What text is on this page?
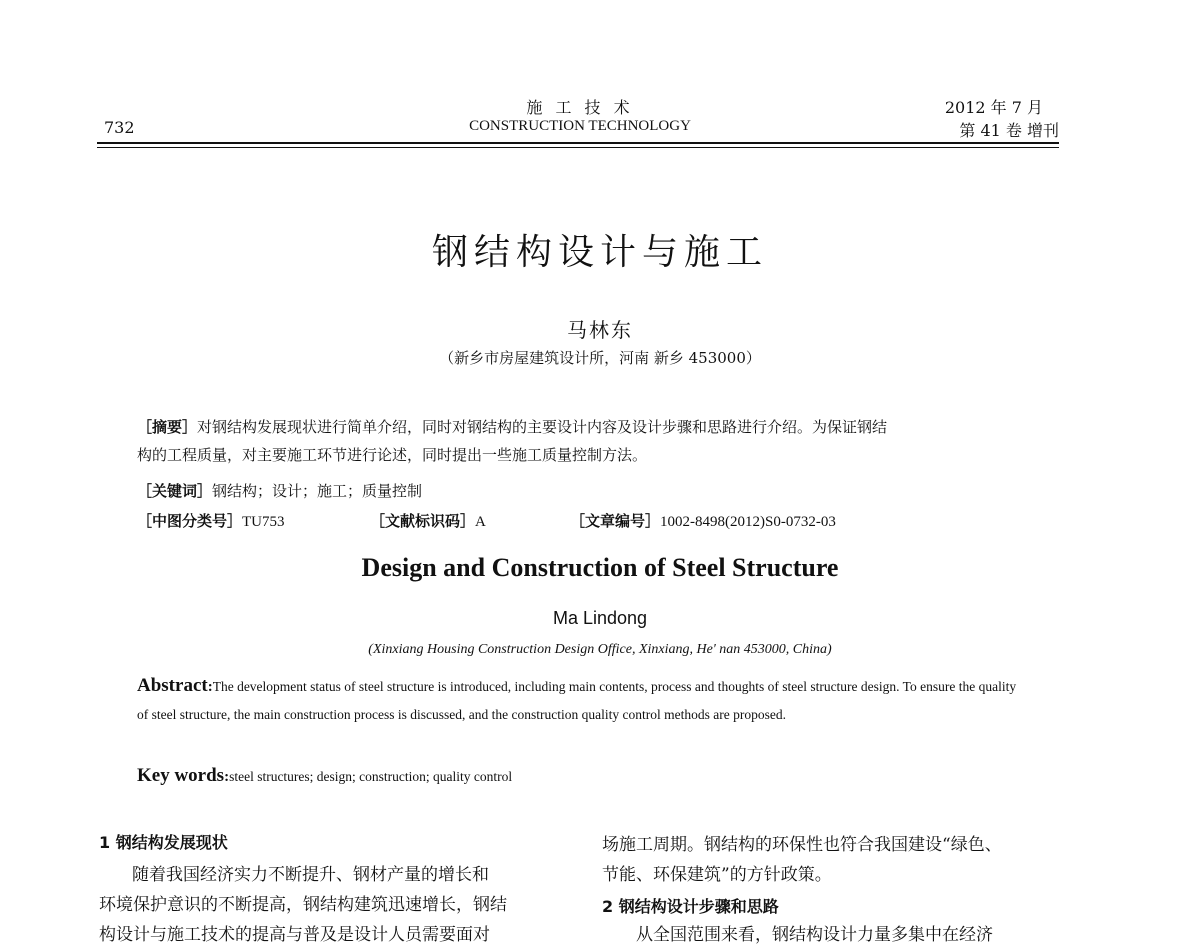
732
施 工 技 术
CONSTRUCTION TECHNOLOGY
2012 年 7 月
第 41 卷 增刊
钢结构设计与施工
马林东
（新乡市房屋建筑设计所，河南 新乡 453000）
［摘要］对钢结构发展现状进行简单介绍，同时对钢结构的主要设计内容及设计步骤和思路进行介绍。为保证钢结
构的工程质量，对主要施工环节进行论述，同时提出一些施工质量控制方法。
［关键词］钢结构；设计；施工；质量控制
［中图分类号］TU753	［文献标识码］A	［文章编号］1002-8498(2012)S0-0732-03
Design and Construction of Steel Structure
Ma Lindong
(Xinxiang Housing Construction Design Office, Xinxiang, He' nan 453000, China)
Abstract:The development status of steel structure is introduced, including main contents, process and thoughts of steel structure design. To ensure the quality of steel structure, the main construction process is discussed, and the construction quality control methods are proposed.
Key words:steel structures; design; construction; quality control
1 钢结构发展现状
随着我国经济实力不断提升、钢材产量的增长和
环境保护意识的不断提高，钢结构建筑迅速增长，钢结
构设计与施工技术的提高与普及是设计人员需要面对
场施工周期。钢结构的环保性也符合我国建设“绿色、
节能、环保建筑”的方针政策。
2 钢结构设计步骤和思路
从全国范围来看，钢结构设计力量多集中在经济
